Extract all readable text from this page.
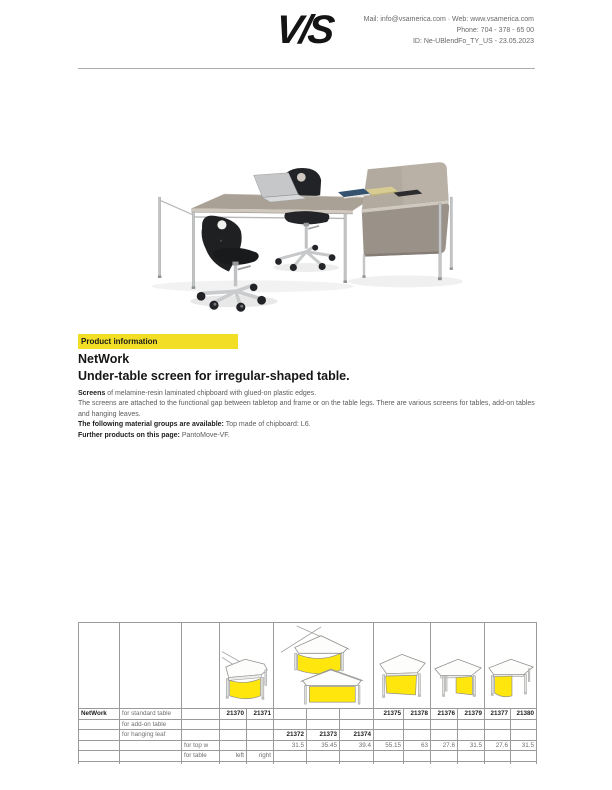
V/S	Mail: info@vsamerica.com · Web: www.vsamerica.com
Phone: 704 - 378 - 65 00
ID: Ne-UBlendFo_TY_US - 23.05.2023
Product information
NetWork
Under-table screen for irregular-shaped table.

Screens of melamine-resin laminated chipboard with glued-on plastic edges.

The screens are attached to the functional gap between tabletop and frame or on the table legs. There are various screens for tables, add-on tables and hanging leaves.

The following material groups are available: Top made of chipboard: L6.

Further products on this page: PantoMove-VF.

NetWork	for standard table		21370	21371				21375	21378	21376	21379	21377	21380
	for add-on table												
	for hanging leaf				21372	21373	21374						
		for top w			31.5	35.45	39.4	55.15	63	27.6	31.5	27.6	31.5
		for table	left	right									
